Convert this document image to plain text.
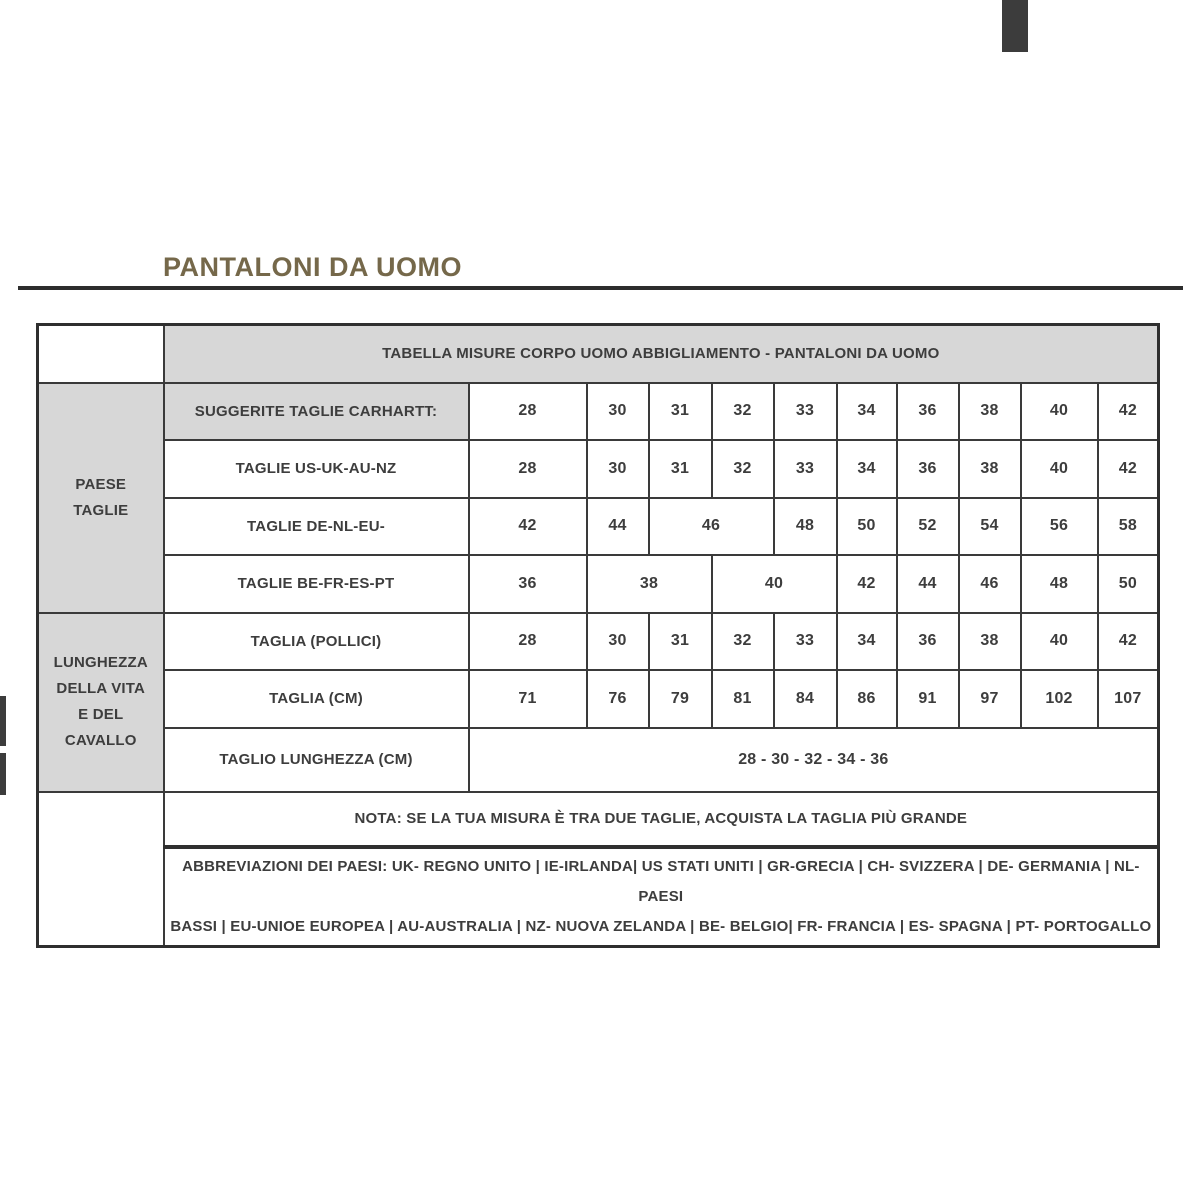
PANTALONI DA UOMO
	TABELLA MISURE CORPO UOMO ABBIGLIAMENTO - PANTALONI DA UOMO										

PAESE
TAGLIE	SUGGERITE TAGLIE CARHARTT:	28	30	31	32	33	34	36	38	40	42
	TAGLIE US-UK-AU-NZ	28	30	31	32	33	34	36	38	40	42
	TAGLIE DE-NL-EU-	42	44	46		48	50	52	54	56	58
	TAGLIE BE-FR-ES-PT	36	38		40		42	44	46	48	50

LUNGHEZZA
DELLA VITA
E DEL
CAVALLO	TAGLIA (POLLICI)	28	30	31	32	33	34	36	38	40	42
	TAGLIA (CM)	71	76	79	81	84	86	91	97	102	107
	TAGLIO LUNGHEZZA (CM)	28 - 30 - 32 - 34 - 36									
	NOTA: SE LA TUA MISURA È TRA DUE TAGLIE, ACQUISTA LA TAGLIA PIÙ GRANDE										

	ABBREVIAZIONI DEI PAESI: UK- REGNO UNITO | IE-IRLANDA| US STATI UNITI | GR-GRECIA | CH- SVIZZERA | DE- GERMANIA | NL- PAESI
BASSI | EU-UNIOE EUROPEA | AU-AUSTRALIA | NZ- NUOVA ZELANDA | BE- BELGIO| FR- FRANCIA | ES- SPAGNA | PT- PORTOGALLO										
